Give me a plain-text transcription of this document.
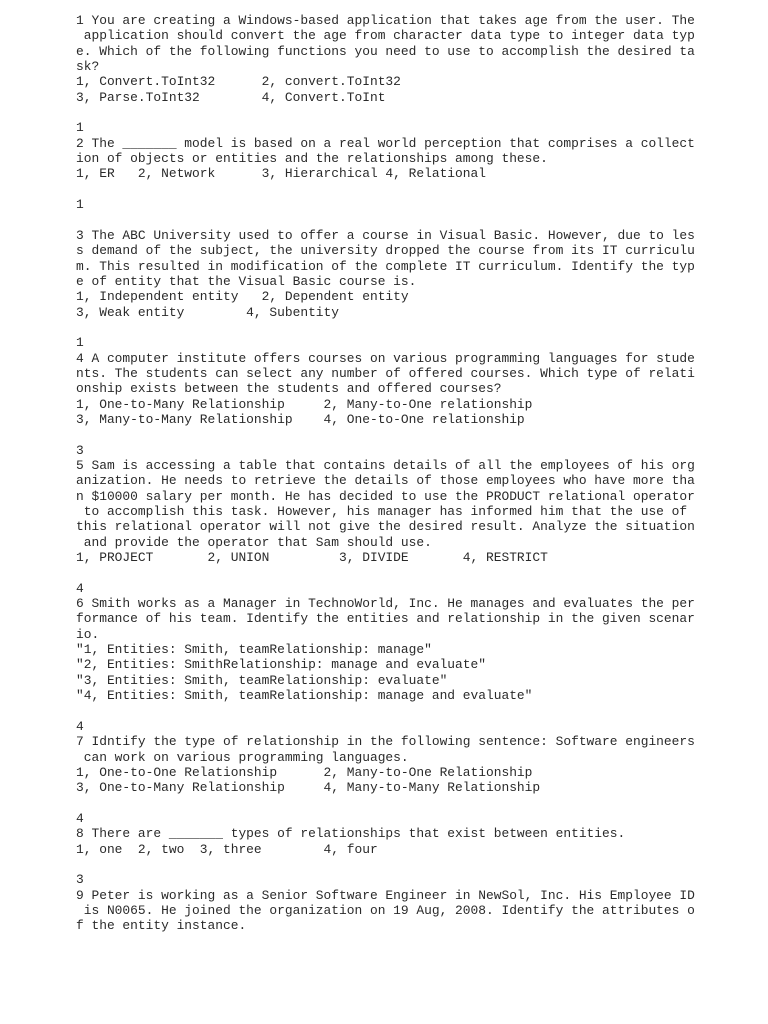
1 You are creating a Windows-based application that takes age from the user. The
application should convert the age from character data type to integer data typ
e. Which of the following functions you need to use to accomplish the desired ta
sk?
1, Convert.ToInt32      2, convert.ToInt32
3, Parse.ToInt32        4, Convert.ToInt

1
2 The _______ model is based on a real world perception that comprises a collect
ion of objects or entities and the relationships among these.
1, ER   2, Network      3, Hierarchical 4, Relational

1

3 The ABC University used to offer a course in Visual Basic. However, due to les
s demand of the subject, the university dropped the course from its IT curriculu
m. This resulted in modification of the complete IT curriculum. Identify the typ
e of entity that the Visual Basic course is.
1, Independent entity   2, Dependent entity
3, Weak entity        4, Subentity

1
4 A computer institute offers courses on various programming languages for stude
nts. The students can select any number of offered courses. Which type of relati
onship exists between the students and offered courses?
1, One-to-Many Relationship     2, Many-to-One relationship
3, Many-to-Many Relationship    4, One-to-One relationship

3
5 Sam is accessing a table that contains details of all the employees of his org
anization. He needs to retrieve the details of those employees who have more tha
n $10000 salary per month. He has decided to use the PRODUCT relational operator
to accomplish this task. However, his manager has informed him that the use of
this relational operator will not give the desired result. Analyze the situation
and provide the operator that Sam should use.
1, PROJECT       2, UNION         3, DIVIDE       4, RESTRICT

4
6 Smith works as a Manager in TechnoWorld, Inc. He manages and evaluates the per
formance of his team. Identify the entities and relationship in the given scenar
io.
"1, Entities: Smith, teamRelationship: manage"
"2, Entities: SmithRelationship: manage and evaluate"
"3, Entities: Smith, teamRelationship: evaluate"
"4, Entities: Smith, teamRelationship: manage and evaluate"

4
7 Idntify the type of relationship in the following sentence: Software engineers
can work on various programming languages.
1, One-to-One Relationship      2, Many-to-One Relationship
3, One-to-Many Relationship     4, Many-to-Many Relationship

4
8 There are _______ types of relationships that exist between entities.
1, one  2, two  3, three        4, four

3
9 Peter is working as a Senior Software Engineer in NewSol, Inc. His Employee ID
is N0065. He joined the organization on 19 Aug, 2008. Identify the attributes o
f the entity instance.
